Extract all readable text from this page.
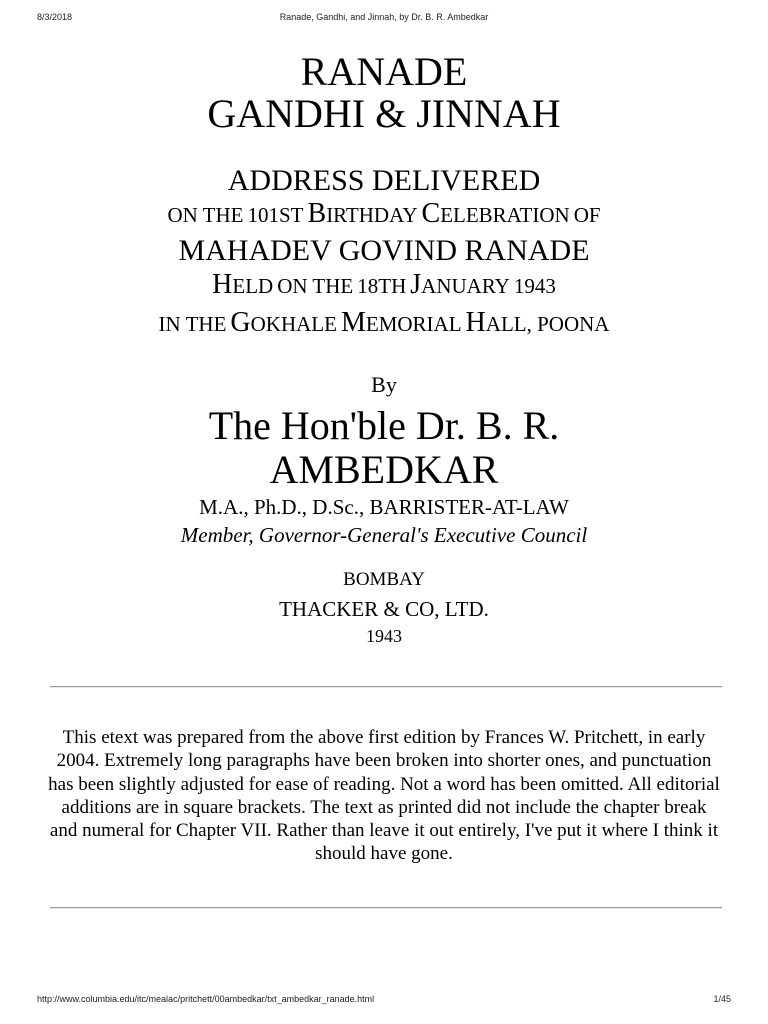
8/3/2018	Ranade, Gandhi, and Jinnah, by Dr. B. R. Ambedkar
RANADE
GANDHI & JINNAH
ADDRESS DELIVERED
ON THE 101ST BIRTHDAY CELEBRATION OF
MAHADEV GOVIND RANADE
HELD ON THE 18TH JANUARY 1943
IN THE GOKHALE MEMORIAL HALL, POONA
By
The Hon'ble Dr. B. R.
AMBEDKAR
M.A., Ph.D., D.Sc., BARRISTER-AT-LAW
Member, Governor-General's Executive Council
BOMBAY
THACKER & CO, LTD.
1943
This etext was prepared from the above first edition by Frances W. Pritchett, in early 2004. Extremely long paragraphs have been broken into shorter ones, and punctuation has been slightly adjusted for ease of reading. Not a word has been omitted. All editorial additions are in square brackets. The text as printed did not include the chapter break and numeral for Chapter VII. Rather than leave it out entirely, I've put it where I think it should have gone.
http://www.columbia.edu/itc/mealac/pritchett/00ambedkar/txt_ambedkar_ranade.html	1/45
